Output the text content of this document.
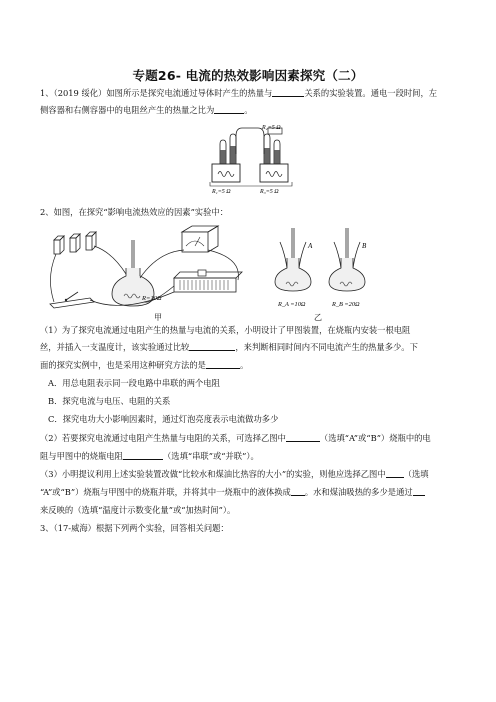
专题26- 电流的热效影响因素探究（二）
1、（2019 绥化）如图所示是探究电流通过导体时产生的热量与	关系的实验装置。通电一段时间，左
侧容器和右侧容器中的电阻丝产生的热量之比为	。
R₂=5 Ω
R₁=5 Ω	R₃=5 Ω
2、如图，在探究“影响电流热效应的因素”实验中：
R=10Ω
甲
A	B
R_A =10Ω	R_B =20Ω
乙
（1）为了探究电流通过电阻产生的热量与电流的关系，小明设计了甲图装置，在烧瓶内安装一根电阻
丝，并插入一支温度计，该实验通过比较	，来判断相同时间内不同电流产生的热量多少。下
面的探究实例中，也是采用这种研究方法的是	。
A．用总电阻表示同一段电路中串联的两个电阻
B．探究电流与电压、电阻的关系
C．探究电功大小影响因素时，通过灯泡亮度表示电流做功多少
（2）若要探究电流通过电阻产生热量与电阻的关系，可选择乙图中	（选填“A”或“B”）烧瓶中的电
阻与甲图中的烧瓶电阻	（选填“串联”或“并联”）。
（3）小明提议利用上述实验装置改做“比较水和煤油比热容的大小”的实验，则他应选择乙图中 （选填
“A”或“B”）烧瓶与甲图中的烧瓶并联，并将其中一烧瓶中的液体换成 。水和煤油吸热的多少是通过
来反映的（选填“温度计示数变化量”或“加热时间”）。
3、（17-威海）根据下列两个实验，回答相关问题：
